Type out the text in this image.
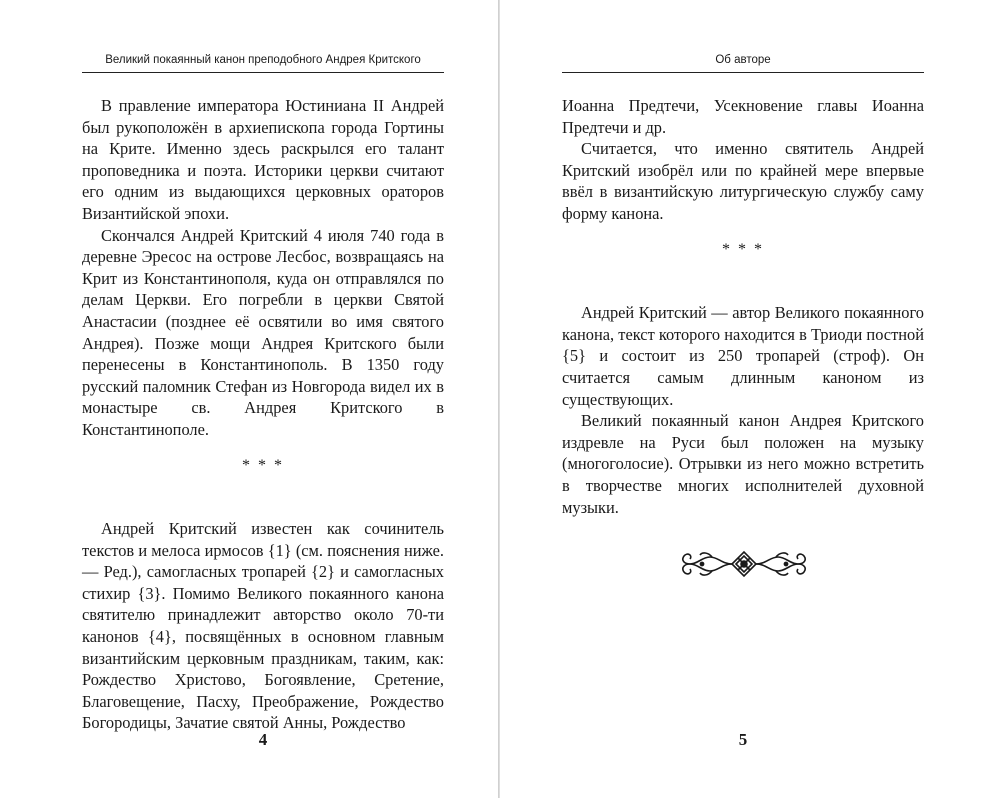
Великий покаянный канон преподобного Андрея Критского

В правление императора Юстиниана II Андрей был рукоположён в архиепископа города Гортины на Крите. Именно здесь раскрылся его талант проповедника и поэта. Историки церкви считают его одним из выдающихся церковных ораторов Византийской эпохи.

Скончался Андрей Критский 4 июля 740 года в деревне Эресос на острове Лесбос, возвращаясь на Крит из Константинополя, куда он отправлялся по делам Церкви. Его погребли в церкви Святой Анастасии (позднее её освятили во имя святого Андрея). Позже мощи Андрея Критского были перенесены в Константинополь. В 1350 году русский паломник Стефан из Новгорода видел их в монастыре св. Андрея Критского в Константинополе.

* * *

Андрей Критский известен как сочинитель текстов и мелоса ирмосов {1} (см. пояснения ниже. — Ред.), самогласных тропарей {2} и самогласных стихир {3}. Помимо Великого покаянного канона святителю принадлежит авторство около 70-ти канонов {4}, посвящённых в основном главным византийским церковным праздникам, таким, как: Рождество Христово, Богоявление, Сретение, Благовещение, Пасху, Преображение, Рождество Богородицы, Зачатие святой Анны, Рождество

4
Об авторе

Иоанна Предтечи, Усекновение главы Иоанна Предтечи и др.

Считается, что именно святитель Андрей Критский изобрёл или по крайней мере впервые ввёл в византийскую литургическую службу саму форму канона.

* * *

Андрей Критский — автор Великого покаянного канона, текст которого находится в Триоди постной {5} и состоит из 250 тропарей (строф). Он считается самым длинным каноном из существующих.

Великий покаянный канон Андрея Критского издревле на Руси был положен на музыку (многоголосие). Отрывки из него можно встретить в творчестве многих исполнителей духовной музыки.

5
